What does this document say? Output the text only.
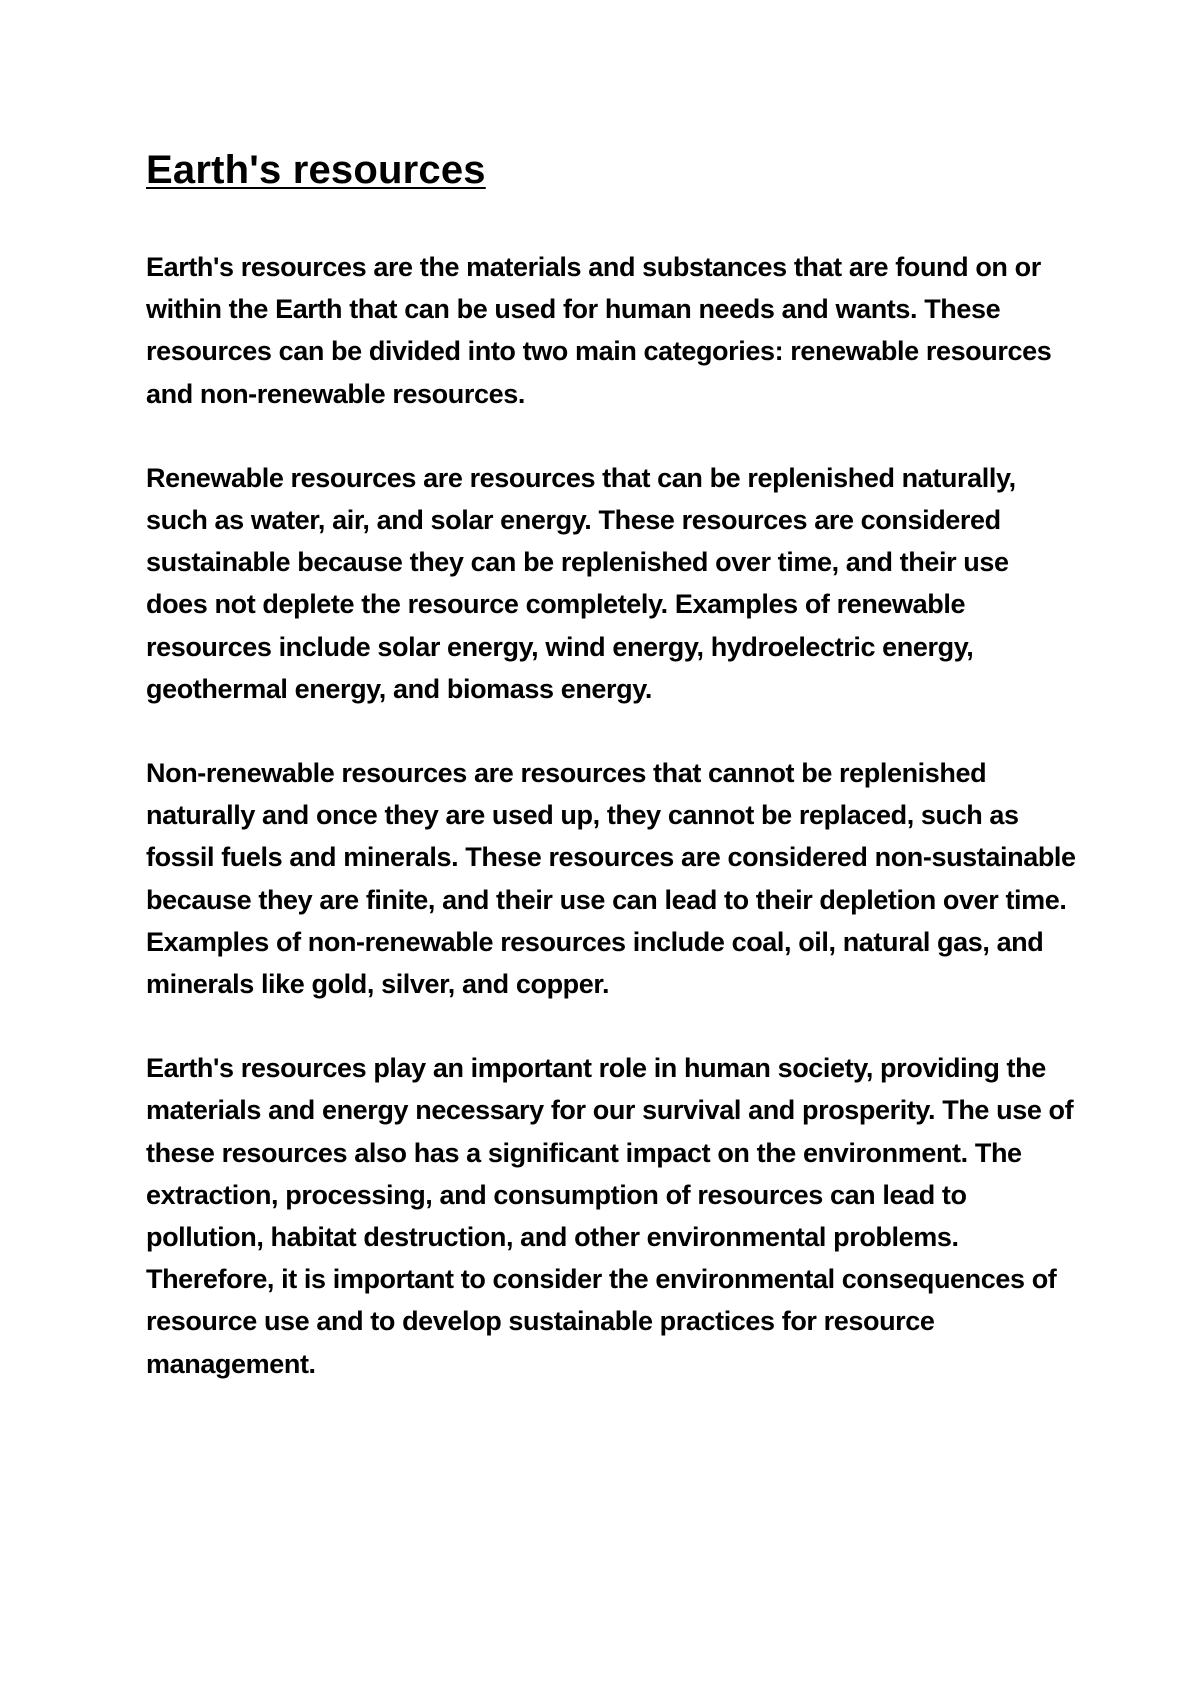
Earth's resources

Earth's resources are the materials and substances that are found on or within the Earth that can be used for human needs and wants. These resources can be divided into two main categories: renewable resources and non-renewable resources.

Renewable resources are resources that can be replenished naturally, such as water, air, and solar energy. These resources are considered sustainable because they can be replenished over time, and their use does not deplete the resource completely. Examples of renewable resources include solar energy, wind energy, hydroelectric energy, geothermal energy, and biomass energy.

Non-renewable resources are resources that cannot be replenished naturally and once they are used up, they cannot be replaced, such as fossil fuels and minerals. These resources are considered non-sustainable because they are finite, and their use can lead to their depletion over time. Examples of non-renewable resources include coal, oil, natural gas, and minerals like gold, silver, and copper.

Earth's resources play an important role in human society, providing the materials and energy necessary for our survival and prosperity. The use of these resources also has a significant impact on the environment. The extraction, processing, and consumption of resources can lead to pollution, habitat destruction, and other environmental problems. Therefore, it is important to consider the environmental consequences of resource use and to develop sustainable practices for resource management.
